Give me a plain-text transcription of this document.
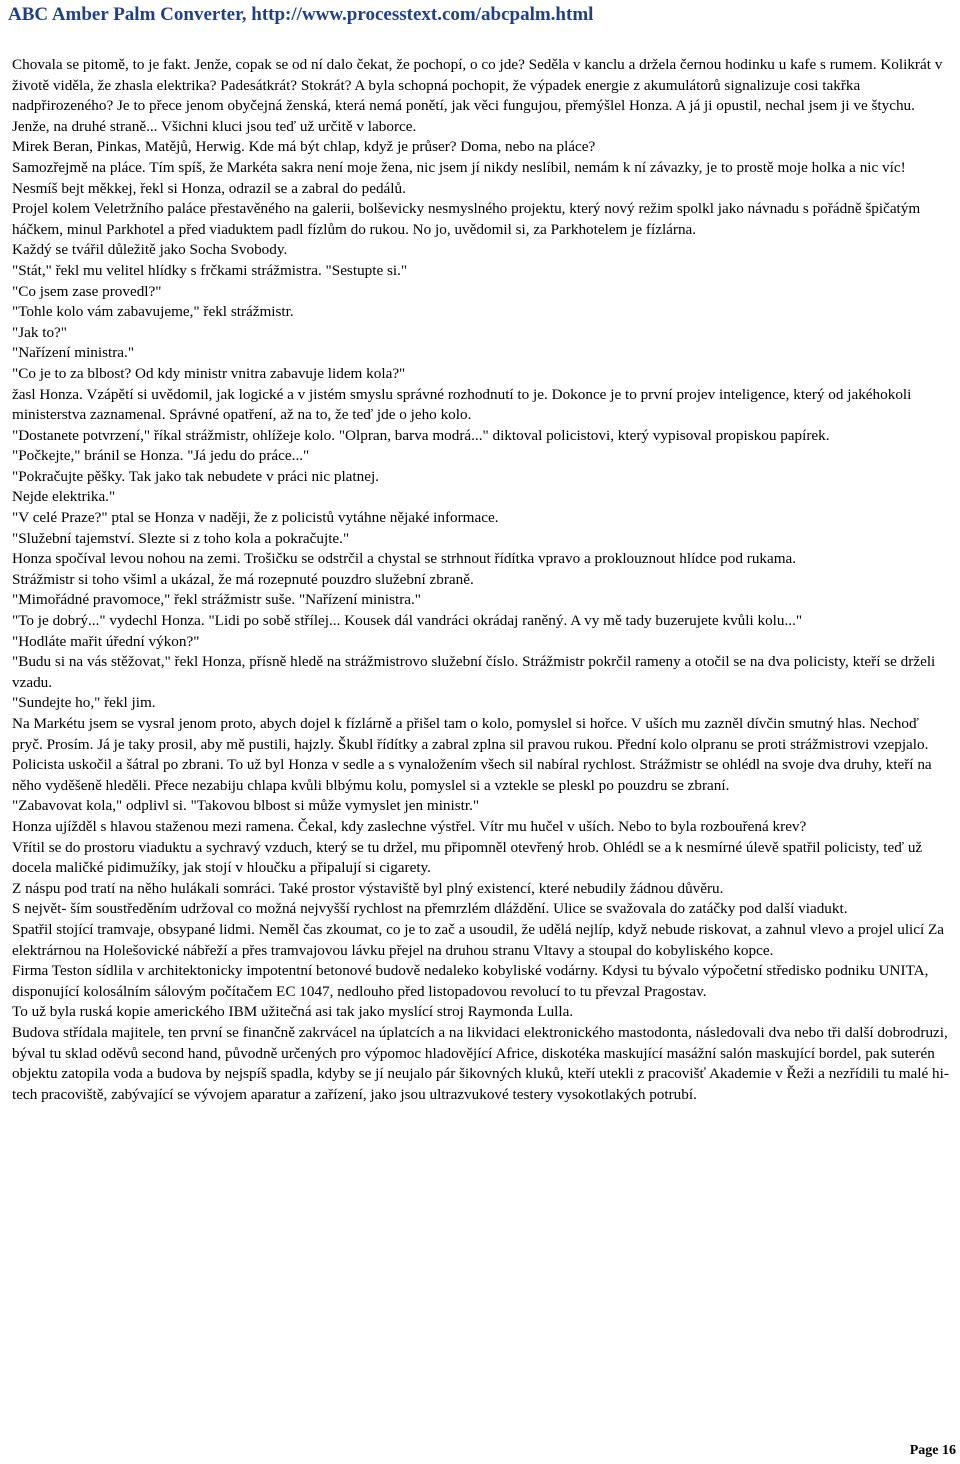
ABC Amber Palm Converter, http://www.processtext.com/abcpalm.html

Chovala se pitomě, to je fakt. Jenže, copak se od ní dalo čekat, že pochopí, o co jde? Seděla v kanclu a držela černou hodinku u kafe s rumem. Kolikrát v životě viděla, že zhasla elektrika? Padesátkrát? Stokrát? A byla schopná pochopit, že výpadek energie z akumulátorů signalizuje cosi takřka nadpřirozeného? Je to přece jenom obyčejná ženská, která nemá ponětí, jak věci fungujou, přemýšlel Honza. A já ji opustil, nechal jsem ji ve štychu.

Jenže, na druhé straně... Všichni kluci jsou teď už určitě v laborce.

Mirek Beran, Pinkas, Matějů, Herwig. Kde má být chlap, když je průser? Doma, nebo na pláce?

Samozřejmě na pláce. Tím spíš, že Markéta sakra není moje žena, nic jsem jí nikdy neslíbil, nemám k ní závazky, je to prostě moje holka a nic víc!

Nesmíš bejt měkkej, řekl si Honza, odrazil se a zabral do pedálů.

Projel kolem Veletržního paláce přestavěného na galerii, bolševicky nesmyslného projektu, který nový režim spolkl jako návnadu s pořádně špičatým háčkem, minul Parkhotel a před viaduktem padl fízlům do rukou. No jo, uvědomil si, za Parkhotelem je fízlárna.

Každý se tvářil důležitě jako Socha Svobody.

"Stát," řekl mu velitel hlídky s frčkami strážmistra. "Sestupte si."

"Co jsem zase provedl?"

"Tohle kolo vám zabavujeme," řekl strážmistr.

"Jak to?"

"Nařízení ministra."

"Co je to za blbost? Od kdy ministr vnitra zabavuje lidem kola?"

žasl Honza. Vzápětí si uvědomil, jak logické a v jistém smyslu správné rozhodnutí to je. Dokonce je to první projev inteligence, který od jakéhokoli ministerstva zaznamenal. Správné opatření, až na to, že teď jde o jeho kolo.

"Dostanete potvrzení," říkal strážmistr, ohlížeje kolo. "Olpran, barva modrá..." diktoval policistovi, který vypisoval propiskou papírek.

"Počkejte," bránil se Honza. "Já jedu do práce..."

"Pokračujte pěšky. Tak jako tak nebudete v práci nic platnej.

Nejde elektrika."

"V celé Praze?" ptal se Honza v naději, že z policistů vytáhne nějaké informace.

"Služební tajemství. Slezte si z toho kola a pokračujte."

Honza spočíval levou nohou na zemi. Trošičku se odstrčil a chystal se strhnout řídítka vpravo a proklouznout hlídce pod rukama.

Strážmistr si toho všiml a ukázal, že má rozepnuté pouzdro služební zbraně.

"Mimořádné pravomoce," řekl strážmistr suše. "Nařízení ministra."

"To je dobrý..." vydechl Honza. "Lidi po sobě střílej... Kousek dál vandráci okrádaj raněný. A vy mě tady buzerujete kvůli kolu..."

"Hodláte mařit úřední výkon?"

"Budu si na vás stěžovat," řekl Honza, přísně hledě na strážmistrovo služební číslo. Strážmistr pokrčil rameny a otočil se na dva policisty, kteří se drželi vzadu.

"Sundejte ho," řekl jim.

Na Markétu jsem se vysral jenom proto, abych dojel k fízlárně a přišel tam o kolo, pomyslel si hořce. V uších mu zazněl dívčin smutný hlas. Nechoď pryč. Prosím. Já je taky prosil, aby mě pustili, hajzly. Škubl řídítky a zabral zplna sil pravou rukou. Přední kolo olpranu se proti strážmistrovi vzepjalo. Policista uskočil a šátral po zbrani. To už byl Honza v sedle a s vynaložením všech sil nabíral rychlost. Strážmistr se ohlédl na svoje dva druhy, kteří na něho vyděšeně hleděli. Přece nezabiju chlapa kvůli blbýmu kolu, pomyslel si a vztekle se pleskl po pouzdru se zbraní.

"Zabavovat kola," odplivl si. "Takovou blbost si může vymyslet jen ministr."

Honza ujížděl s hlavou staženou mezi ramena. Čekal, kdy zaslechne výstřel. Vítr mu hučel v uších. Nebo to byla rozbouřená krev?

Vřítil se do prostoru viaduktu a sychravý vzduch, který se tu držel, mu připomněl otevřený hrob. Ohlédl se a k nesmírné úlevě spatřil policisty, teď už docela maličké pidimužíky, jak stojí v hloučku a připalují si cigarety.

Z náspu pod tratí na něho hulákali somráci. Také prostor výstaviště byl plný existencí, které nebudily žádnou důvěru.

S největ- ším soustředěním udržoval co možná nejvyšší rychlost na přemrzlém dláždění. Ulice se svažovala do zatáčky pod další viadukt.

Spatřil stojící tramvaje, obsypané lidmi. Neměl čas zkoumat, co je to zač a usoudil, že udělá nejlíp, když nebude riskovat, a zahnul vlevo a projel ulicí Za elektrárnou na Holešovické nábřeží a přes tramvajovou lávku přejel na druhou stranu Vltavy a stoupal do kobyliského kopce.

Firma Teston sídlila v architektonicky impotentní betonové budově nedaleko kobyliské vodárny. Kdysi tu bývalo výpočetní středisko podniku UNITA, disponující kolosálním sálovým počítačem EC 1047, nedlouho před listopadovou revolucí to tu převzal Pragostav.

To už byla ruská kopie amerického IBM užitečná asi tak jako myslící stroj Raymonda Lulla.

Budova střídala majitele, ten první se finančně zakrvácel na úplatcích a na likvidaci elektronického mastodonta, následovali dva nebo tři další dobrodruzi, býval tu sklad oděvů second hand, původně určených pro výpomoc hladovějící Africe, diskotéka maskující masážní salón maskující bordel, pak suterén objektu zatopila voda a budova by nejspíš spadla, kdyby se jí neujalo pár šikovných kluků, kteří utekli z pracovišť Akademie v Řeži a nezřídili tu malé hi-tech pracoviště, zabývající se vývojem aparatur a zařízení, jako jsou ultrazvukové testery vysokotlakých potrubí.

Page 16
